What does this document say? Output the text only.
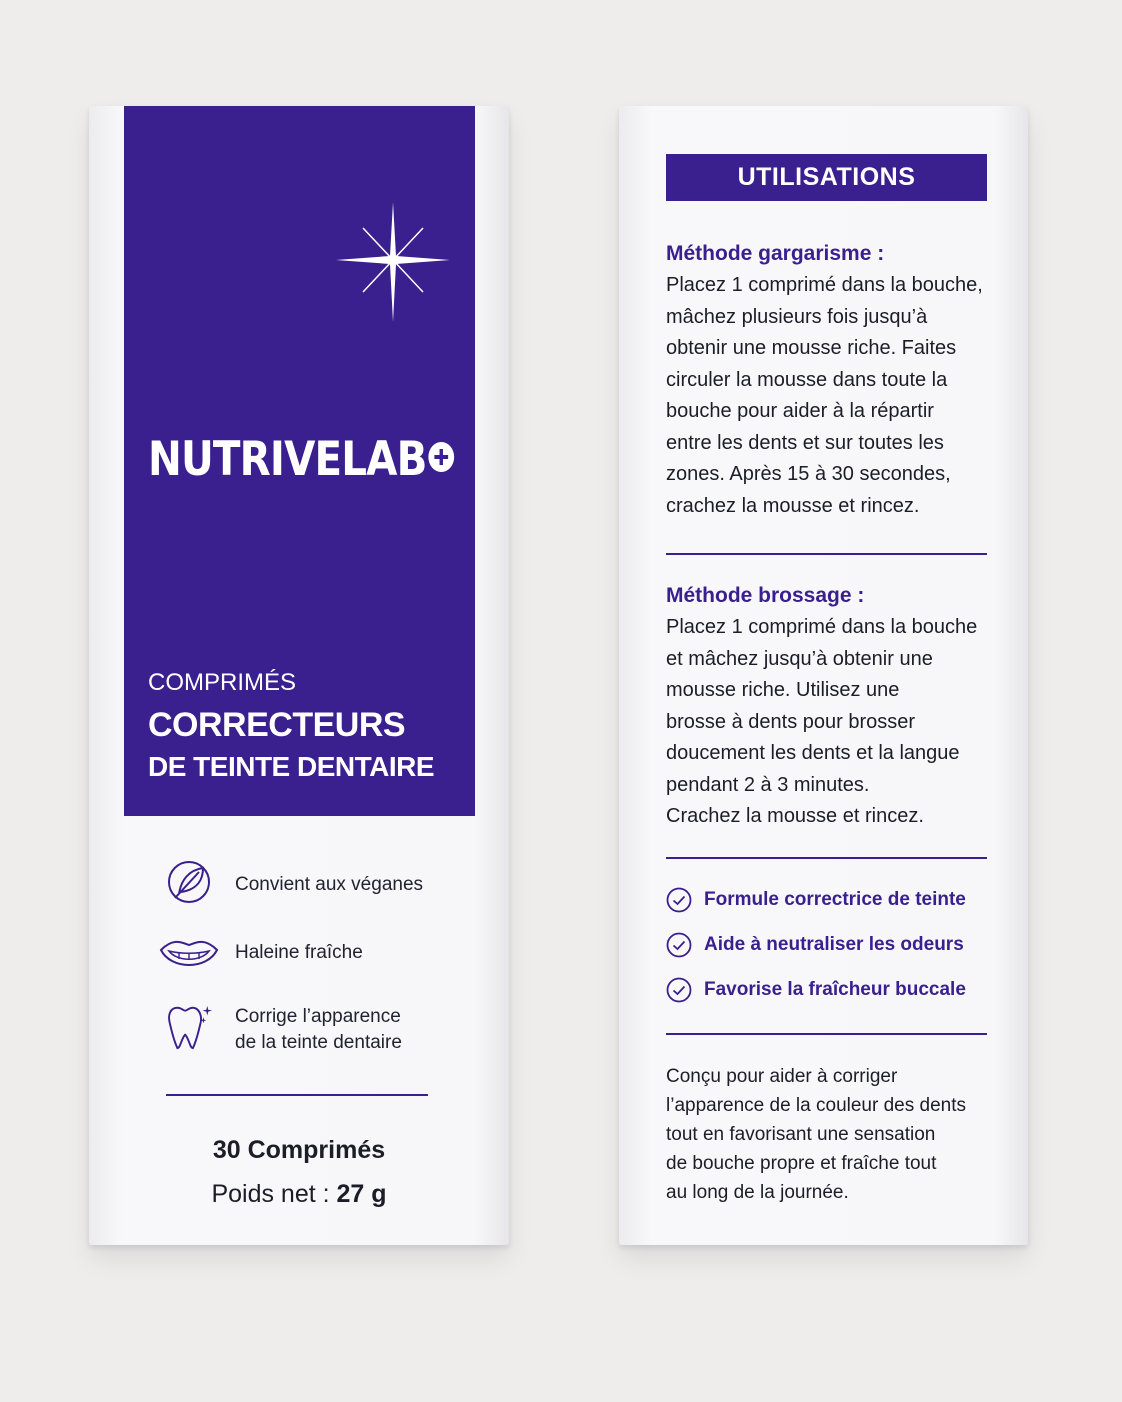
NUTRIVELAB
COMPRIMÉS
CORRECTEURS
DE TEINTE DENTAIRE
Convient aux véganes
Haleine fraîche
Corrige l’apparence
de la teinte dentaire
30 Comprimés
Poids net : 27 g
UTILISATIONS
Méthode gargarisme :
Placez 1 comprimé dans la bouche,
mâchez plusieurs fois jusqu’à
obtenir une mousse riche. Faites
circuler la mousse dans toute la
bouche pour aider à la répartir
entre les dents et sur toutes les
zones. Après 15 à 30 secondes,
crachez la mousse et rincez.
Méthode brossage :
Placez 1 comprimé dans la bouche
et mâchez jusqu’à obtenir une
mousse riche. Utilisez une
brosse à dents pour brosser
doucement les dents et la langue
pendant 2 à 3 minutes.
Crachez la mousse et rincez.
Formule correctrice de teinte
Aide à neutraliser les odeurs
Favorise la fraîcheur buccale
Conçu pour aider à corriger
l’apparence de la couleur des dents
tout en favorisant une sensation
de bouche propre et fraîche tout
au long de la journée.
